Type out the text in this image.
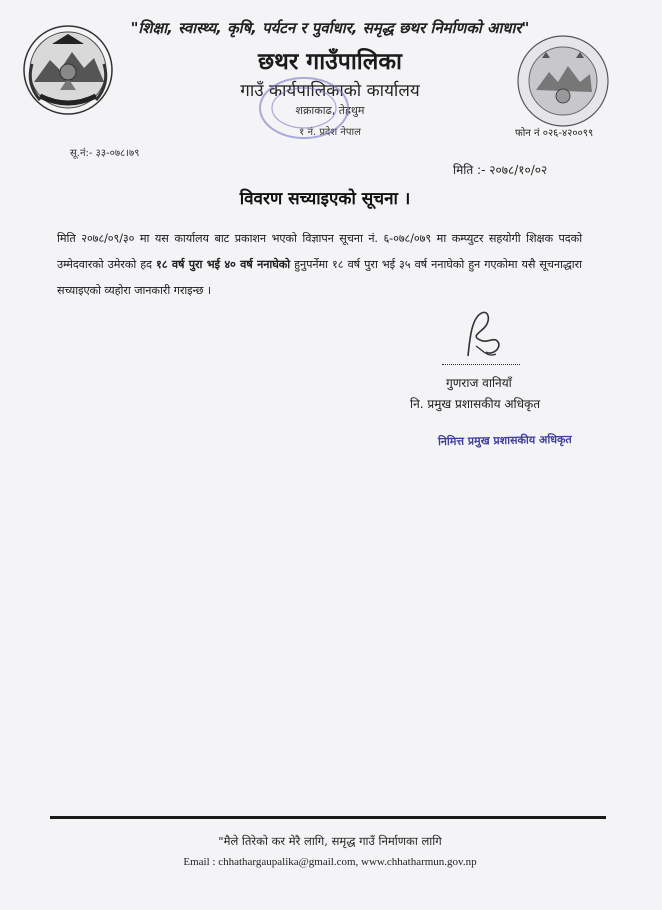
"शिक्षा, स्वास्थ्य, कृषि, पर्यटन र पुर्वाधार, समृद्ध छथर निर्माणको आधार"
छथर गाउँपालिका
गाउँ कार्यपालिकाको कार्यालय
शक्राकाढ, तेह्रथुम
१ नं. प्रदेश नेपाल	फोन नं ०२६-४२००९९
सू.नं:- ३३-०७८।७९
मिति :- २०७८/१०/०२
विवरण सच्याइएको सूचना ।
मिति २०७८/०९/३० मा यस कार्यालय बाट प्रकाशन भएको विज्ञापन सूचना नं. ६-०७८/०७९ मा कम्प्युटर सहयोगी शिक्षक पदको उम्मेदवारको उमेरको हद १८ वर्ष पुरा भई ४० वर्ष ननाघेको हुनुपर्नेमा १८ वर्ष पुरा भई ३५ वर्ष ननाघेको हुन गएकोमा यसै सूचनाद्धारा सच्याइएको व्यहोरा जानकारी गराइन्छ ।
गुणराज वानियाँ
नि. प्रमुख प्रशासकीय अधिकृत
निमित्त प्रमुख प्रशासकीय अधिकृत
"मैले तिरेको कर मेरै लागि, समृद्ध गाउँ निर्माणका लागि
Email : chhathargaupalika@gmail.com, www.chhatharmun.gov.np
